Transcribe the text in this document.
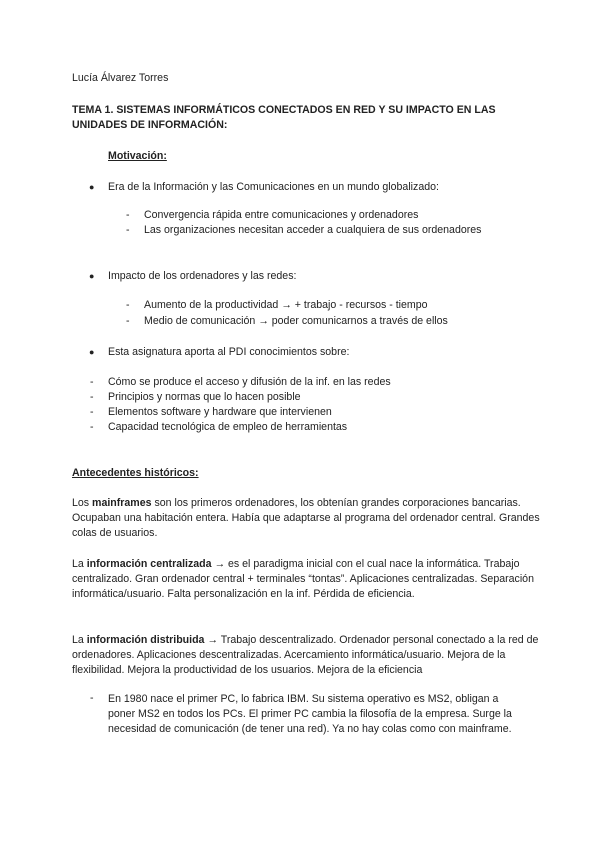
Lucía Álvarez Torres
TEMA 1. SISTEMAS INFORMÁTICOS CONECTADOS EN RED Y SU IMPACTO EN LAS
UNIDADES DE INFORMACIÓN:
Motivación:
● Era de la Información y las Comunicaciones en un mundo globalizado:
- Convergencia rápida entre comunicaciones y ordenadores
- Las organizaciones necesitan acceder a cualquiera de sus ordenadores
● Impacto de los ordenadores y las redes:
- Aumento de la productividad → + trabajo - recursos - tiempo
- Medio de comunicación → poder comunicarnos a través de ellos
● Esta asignatura aporta al PDI conocimientos sobre:
- Cómo se produce el acceso y difusión de la inf. en las redes
- Principios y normas que lo hacen posible
- Elementos software y hardware que intervienen
- Capacidad tecnológica de empleo de herramientas
Antecedentes históricos:
Los mainframes son los primeros ordenadores, los obtenían grandes corporaciones bancarias. Ocupaban una habitación entera. Había que adaptarse al programa del ordenador central. Grandes colas de usuarios.
La información centralizada → es el paradigma inicial con el cual nace la informática. Trabajo centralizado. Gran ordenador central + terminales “tontas”. Aplicaciones centralizadas. Separación informática/usuario. Falta personalización en la inf. Pérdida de eficiencia.
La información distribuida → Trabajo descentralizado. Ordenador personal conectado a la red de ordenadores. Aplicaciones descentralizadas. Acercamiento informática/usuario. Mejora de la flexibilidad. Mejora la productividad de los usuarios. Mejora de la eficiencia
- En 1980 nace el primer PC, lo fabrica IBM. Su sistema operativo es MS2, obligan a poner MS2 en todos los PCs. El primer PC cambia la filosofía de la empresa. Surge la necesidad de comunicación (de tener una red). Ya no hay colas como con mainframe.
